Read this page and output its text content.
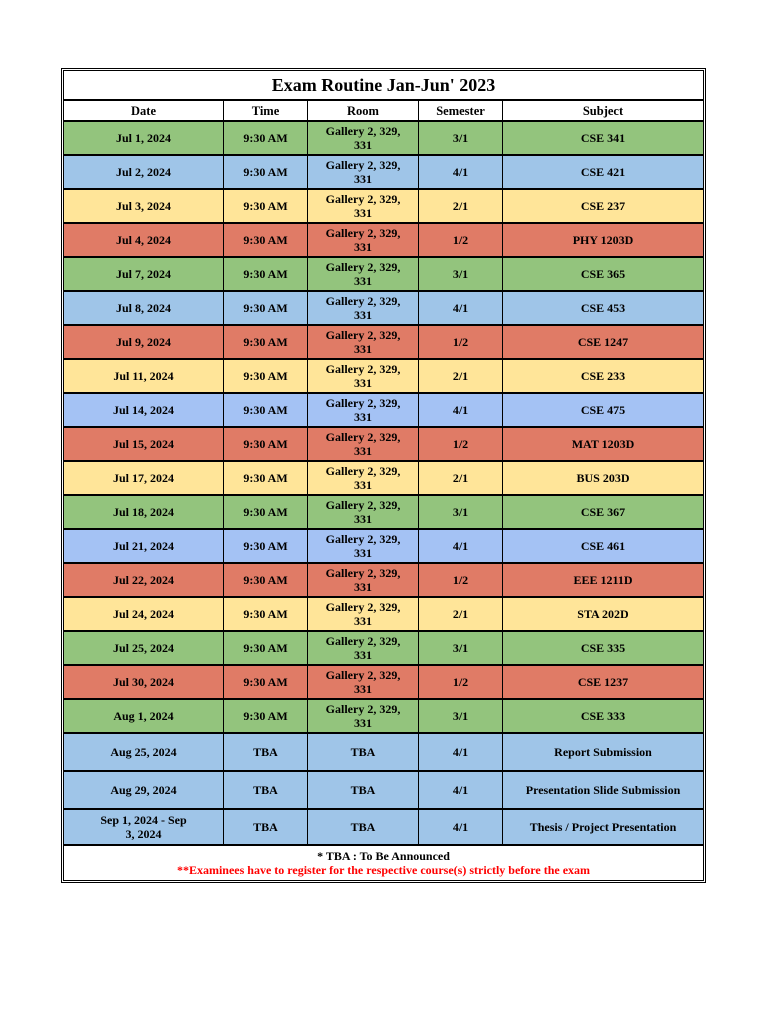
Exam Routine Jan-Jun' 2023				
Date	Time	Room	Semester	Subject
Jul 1, 2024	9:30 AM	Gallery 2, 329, 331	3/1	CSE 341
Jul 2, 2024	9:30 AM	Gallery 2, 329, 331	4/1	CSE 421
Jul 3, 2024	9:30 AM	Gallery 2, 329, 331	2/1	CSE 237
Jul 4, 2024	9:30 AM	Gallery 2, 329, 331	1/2	PHY 1203D
Jul 7, 2024	9:30 AM	Gallery 2, 329, 331	3/1	CSE 365
Jul 8, 2024	9:30 AM	Gallery 2, 329, 331	4/1	CSE 453
Jul 9, 2024	9:30 AM	Gallery 2, 329, 331	1/2	CSE 1247
Jul 11, 2024	9:30 AM	Gallery 2, 329, 331	2/1	CSE 233
Jul 14, 2024	9:30 AM	Gallery 2, 329, 331	4/1	CSE 475
Jul 15, 2024	9:30 AM	Gallery 2, 329, 331	1/2	MAT 1203D
Jul 17, 2024	9:30 AM	Gallery 2, 329, 331	2/1	BUS 203D
Jul 18, 2024	9:30 AM	Gallery 2, 329, 331	3/1	CSE 367
Jul 21, 2024	9:30 AM	Gallery 2, 329, 331	4/1	CSE 461
Jul 22, 2024	9:30 AM	Gallery 2, 329, 331	1/2	EEE 1211D
Jul 24, 2024	9:30 AM	Gallery 2, 329, 331	2/1	STA 202D
Jul 25, 2024	9:30 AM	Gallery 2, 329, 331	3/1	CSE 335
Jul 30, 2024	9:30 AM	Gallery 2, 329, 331	1/2	CSE 1237
Aug 1, 2024	9:30 AM	Gallery 2, 329, 331	3/1	CSE 333
Aug 25, 2024	TBA	TBA	4/1	Report Submission
Aug 29, 2024	TBA	TBA	4/1	Presentation Slide Submission
Sep 1, 2024 - Sep 3, 2024	TBA	TBA	4/1	Thesis / Project Presentation

* TBA : To Be Announced
**Examinees have to register for the respective course(s) strictly before the exam				
